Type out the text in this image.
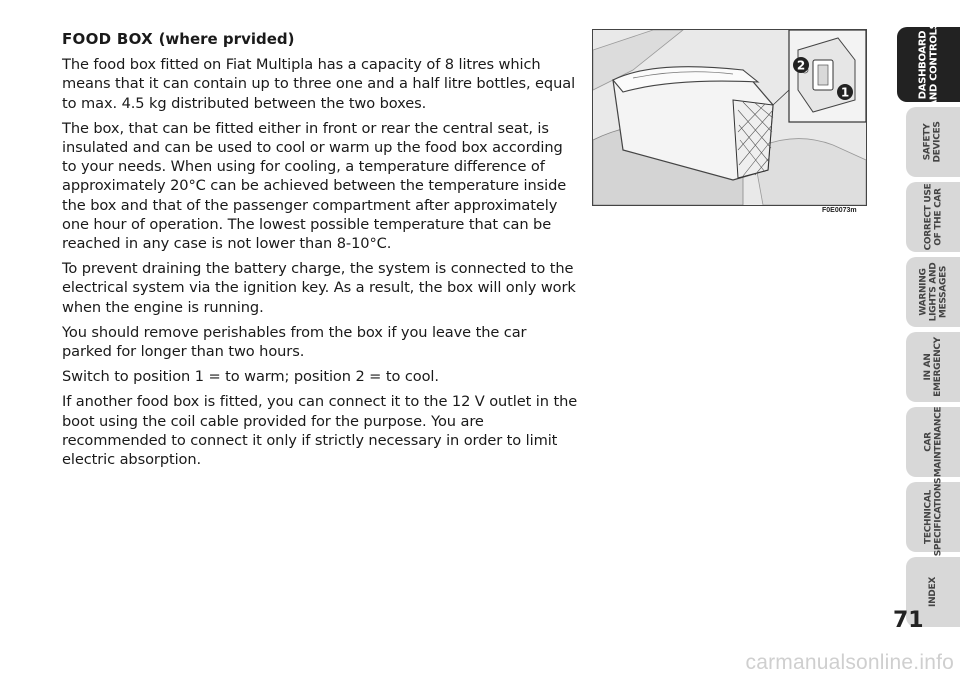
FOOD BOX (where prvided)

The food box fitted on Fiat Multipla has a capacity of 8 litres which means that it can contain up to three one and a half litre bottles, equal to max. 4.5 kg distributed between the two boxes.

The box, that can be fitted either in front or rear the central seat, is insulated and can be used to cool or warm up the food box according to your needs. When using for cooling, a temperature difference of approximately 20°C can be achieved between the temperature inside the box and that of the passenger compartment after approximately one hour of operation. The lowest possible temperature that can be reached in any case is not lower than 8-10°C.

To prevent draining the battery charge, the system is connected to the electrical system via the ignition key. As a result, the box will only work when the engine is running.

You should remove perishables from the box if you leave the car parked for longer than two hours.

Switch to position 1 = to warm; position 2 = to cool.

If another food box is fitted, you can connect it to the 12 V outlet in the boot using the coil cable provided for the purpose. You are recommended to connect it only if strictly necessary in order to limit electric absorption.

2
1
F0E0073m
DASHBOARD
AND CONTROLS
SAFETY
DEVICES
CORRECT USE
OF THE CAR
WARNING
LIGHTS AND
MESSAGES
IN AN
EMERGENCY
CAR
MAINTENANCE
TECHNICAL
SPECIFICATIONS
INDEX
71
carmanualsonline.info
